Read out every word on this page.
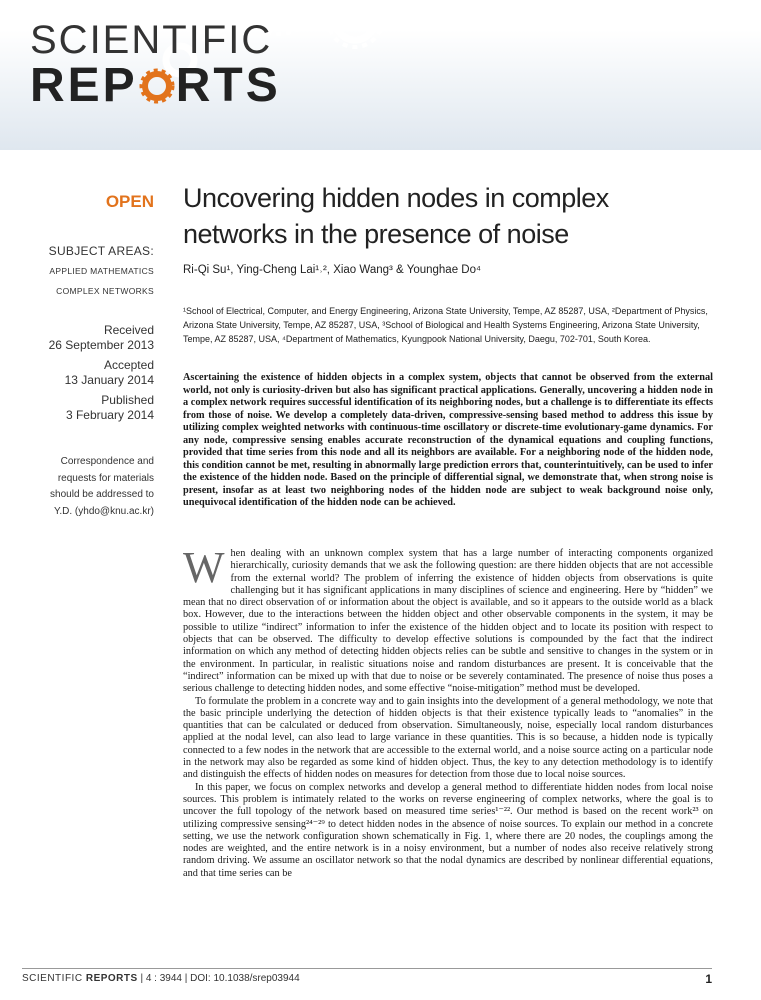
SCIENTIFIC
REP RTS
OPEN
SUBJECT AREAS:
APPLIED MATHEMATICS
COMPLEX NETWORKS
Received
26 September 2013
Accepted
13 January 2014
Published
3 February 2014
Correspondence and
requests for materials
should be addressed to
Y.D. (yhdo@knu.ac.kr)
Uncovering hidden nodes in complex
networks in the presence of noise
Ri-Qi Su¹, Ying-Cheng Lai¹˒², Xiao Wang³ & Younghae Do⁴
¹School of Electrical, Computer, and Energy Engineering, Arizona State University, Tempe, AZ 85287, USA, ²Department of Physics, Arizona State University, Tempe, AZ 85287, USA, ³School of Biological and Health Systems Engineering, Arizona State University, Tempe, AZ 85287, USA, ⁴Department of Mathematics, Kyungpook National University, Daegu, 702-701, South Korea.
Ascertaining the existence of hidden objects in a complex system, objects that cannot be observed from the external world, not only is curiosity-driven but also has significant practical applications. Generally, uncovering a hidden node in a complex network requires successful identification of its neighboring nodes, but a challenge is to differentiate its effects from those of noise. We develop a completely data-driven, compressive-sensing based method to address this issue by utilizing complex weighted networks with continuous-time oscillatory or discrete-time evolutionary-game dynamics. For any node, compressive sensing enables accurate reconstruction of the dynamical equations and coupling functions, provided that time series from this node and all its neighbors are available. For a neighboring node of the hidden node, this condition cannot be met, resulting in abnormally large prediction errors that, counterintuitively, can be used to infer the existence of the hidden node. Based on the principle of differential signal, we demonstrate that, when strong noise is present, insofar as at least two neighboring nodes of the hidden node are subject to weak background noise only, unequivocal identification of the hidden node can be achieved.

When dealing with an unknown complex system that has a large number of interacting components organized hierarchically, curiosity demands that we ask the following question: are there hidden objects that are not accessible from the external world? The problem of inferring the existence of hidden objects from observations is quite challenging but it has significant applications in many disciplines of science and engineering. Here by “hidden” we mean that no direct observation of or information about the object is available, and so it appears to the outside world as a black box. However, due to the interactions between the hidden object and other observable components in the system, it may be possible to utilize “indirect” information to infer the existence of the hidden object and to locate its position with respect to objects that can be observed. The difficulty to develop effective solutions is compounded by the fact that the indirect information on which any method of detecting hidden objects relies can be subtle and sensitive to changes in the system or in the environment. In particular, in realistic situations noise and random disturbances are present. It is conceivable that the “indirect” information can be mixed up with that due to noise or be severely contaminated. The presence of noise thus poses a serious challenge to detecting hidden nodes, and some effective “noise-mitigation” method must be developed.

To formulate the problem in a concrete way and to gain insights into the development of a general methodology, we note that the basic principle underlying the detection of hidden objects is that their existence typically leads to “anomalies” in the quantities that can be calculated or deduced from observation. Simultaneously, noise, especially local random disturbances applied at the nodal level, can also lead to large variance in these quantities. This is so because, a hidden node is typically connected to a few nodes in the network that are accessible to the external world, and a noise source acting on a particular node in the network may also be regarded as some kind of hidden object. Thus, the key to any detection methodology is to identify and distinguish the effects of hidden nodes on measures for detection from those due to local noise sources.

In this paper, we focus on complex networks and develop a general method to differentiate hidden nodes from local noise sources. This problem is intimately related to the works on reverse engineering of complex networks, where the goal is to uncover the full topology of the network based on measured time series¹⁻²². Our method is based on the recent work²³ on utilizing compressive sensing²⁴⁻²⁹ to detect hidden nodes in the absence of noise sources. To explain our method in a concrete setting, we use the network configuration shown schematically in Fig. 1, where there are 20 nodes, the couplings among the nodes are weighted, and the entire network is in a noisy environment, but a number of nodes also receive relatively strong random driving. We assume an oscillator network so that the nodal dynamics are described by nonlinear differential equations, and that time series can be

SCIENTIFIC REPORTS | 4 : 3944 | DOI: 10.1038/srep03944	1
